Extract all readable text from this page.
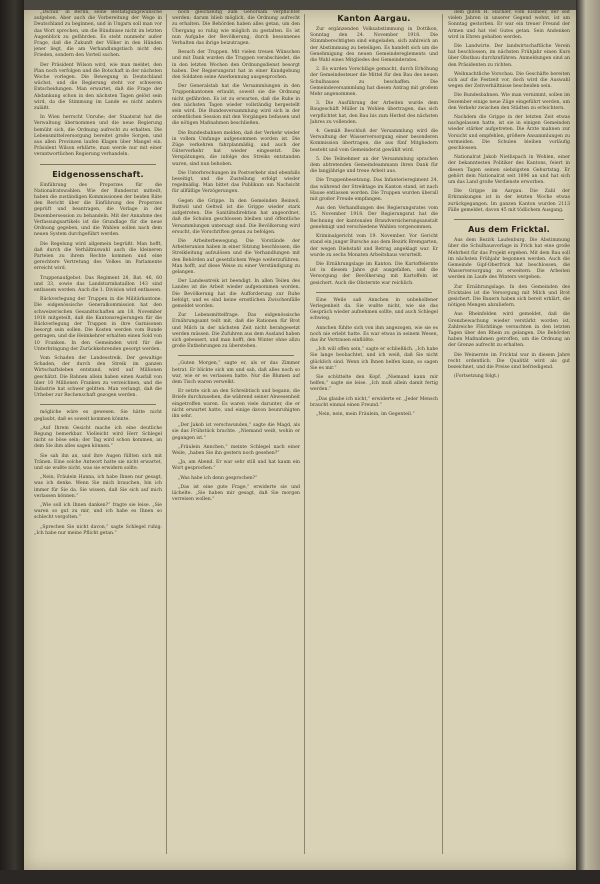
„Dschin“ in Berlin, seine Bestätigungswünsche aufgeben. Aber auch die Vorbereitung der Wege in Deutschland zu beginnen, und in Ungarn soll man vor das Wort sprechen, um die Bündnisse nicht im letzten Augenblick zu gefährden. Es steht nunmehr außer Frage, daß die Zukunft der Völker in den Händen jener liegt, die am Verhandlungstisch nicht den Frieden, sondern den Vorteil suchen.

Der Präsident Wilson wird, wie man meldet, den Plan noch verfolgen und die Botschaft in der nächsten Woche vorlegen. Die Bewegung in Deutschland wächst, und die Regierung steht vor schweren Entscheidungen. Man erwartet, daß die Frage der Abdankung schon in den nächsten Tagen gelöst sein wird, da die Stimmung im Lande es nicht anders zuläßt.

In Wien herrscht Unruhe; der Staatsrat hat die Verwaltung übernommen und die neue Regierung bemüht sich, die Ordnung aufrecht zu erhalten. Die Lebensmittelversorgung bereitet große Sorgen, und aus allen Provinzen laufen Klagen über Mangel ein. Präsident Wilson erklärte, man werde nur mit einer verantwortlichen Regierung verhandeln.

Eidgenossenschaft.

Einführung des Proporzes für die Nationalratswahlen. Wie der Bundesrat mitteilt, haben die zuständigen Kommissionen der beiden Räte den Bericht über die Einführung des Proporzes geprüft und beantragen, die Vorlage in der Dezembersession zu behandeln. Mit der Annahme des Verfassungsartikels ist die Grundlage für die neue Ordnung gegeben, und die Wahlen sollen nach dem neuen System durchgeführt werden.

Die Regelung wird allgemein begrüßt. Man hofft, daß durch die Verhältniswahl auch die kleineren Parteien zu ihrem Rechte kommen und eine gerechtere Vertretung des Volkes im Parlamente erreicht wird.

Truppenaufgebot. Das Regiment 28, Bat. 46, 60 und 33, sowie das Landsturmbataillon 143 sind entlassen worden. Auch die 1. Division wird entlassen.

Rückverlegung der Truppen in die Militärkantone. Die eidgenössische Generalkommission hat den schweizerischen Gesandtschaften am 18. November 1918 mitgeteilt, daß die Kantonsregierungen für die Rückverlegung der Truppen in ihre Garnisonen besorgt sein sollen. Die Kosten werden vom Bunde getragen, und die Heimkehrer erhalten einen Sold von 10 Franken. In den Gemeinden wird für die Unterbringung der Zurückkehrenden gesorgt werden.

Vom Schaden der Landesstreik. Der gewaltige Schaden, der durch den Streik im ganzen Wirtschaftsleben entstand, wird auf Millionen geschätzt. Die Bahnen allein haben einen Ausfall von über 10 Millionen Franken zu verzeichnen, und die Industrie hat schwer gelitten. Man verlangt, daß die Urheber zur Rechenschaft gezogen werden.

mögliche wäre es gewesen. Sie hätte nicht geglaubt, daß es soweit kommen könnte.

„Auf Ihrem Gesicht mache ich eine deutliche Regung bemerkbar. Vielleicht wird Herr Schlegel nicht so böse sein; der Tag wird schon kommen, an dem Sie ihm alles sagen können.“

Sie sah ihn an, und ihre Augen füllten sich mit Tränen. Eine solche Antwort hatte sie nicht erwartet, und sie wußte nicht, was sie erwidern sollte.

„Nein, Fräulein Hanna, ich habe Ihnen nur gesagt, was ich denke. Wenn Sie mich brauchen, bin ich immer für Sie da. Sie wissen, daß Sie sich auf mich verlassen können.“

„Wie soll ich Ihnen danken?“ fragte sie leise. „Sie waren so gut zu mir, und ich habe es Ihnen so schlecht vergolten.“

„Sprechen Sie nicht davon,“ sagte Schlegel ruhig. „Ich habe nur meine Pflicht getan.“

noch gleichzeitig zum Gehorsam verpflichtet werden; darum blieb möglich, die Ordnung aufrecht zu erhalten. Die Behörden haben alles getan, um den Übergang so ruhig wie möglich zu gestalten. Es ist nun Aufgabe der Bevölkerung, durch besonnenes Verhalten das ihrige beizutragen.

Besuch der Truppen. Mit vielen treuen Wünschen und mit Dank wurden die Truppen verabschiedet, die in den letzten Wochen den Ordnungsdienst besorgt haben. Der Regierungsrat hat in einer Kundgebung den Soldaten seine Anerkennung ausgesprochen.

Der Generalstab hat die Versammlungen in den Truppenkantonen erlaubt, soweit sie die Ordnung nicht gefährden. Es ist zu erwarten, daß die Ruhe in den nächsten Tagen wieder vollständig hergestellt sein wird. Die Bundesversammlung wird sich in der ordentlichen Session mit den Vorgängen befassen und die nötigen Maßnahmen beschließen.

Die Bundesbahnen melden, daß der Verkehr wieder in vollem Umfange aufgenommen worden ist. Die Züge verkehren fahrplanmäßig, und auch der Güterverkehr hat wieder eingesetzt. Die Verspätungen, die infolge des Streiks entstanden waren, sind nun behoben.

Die Unterbrechungen im Postverkehr sind ebenfalls beseitigt, und die Zustellung erfolgt wieder regelmäßig. Man bittet das Publikum um Nachsicht für allfällige Verzögerungen.

Gegen die Grippe. In den Gemeinden Beinwil, Buttwil und Geltwil ist die Grippe wieder stark aufgetreten. Die Sanitätsdirektion hat angeordnet, daß die Schulen geschlossen bleiben und öffentliche Versammlungen untersagt sind. Die Bevölkerung wird ersucht, die Vorschriften genau zu befolgen.

Die Arbeiterbewegung. Die Vorstände der Arbeiterunion haben in einer Sitzung beschlossen, die Streikleitung aufzulösen und die Verhandlungen mit den Behörden auf gesetzlichem Wege weiterzuführen. Man hofft, auf diese Weise zu einer Verständigung zu gelangen.

Der Landesstreik ist beendigt. In allen Teilen des Landes ist die Arbeit wieder aufgenommen worden. Die Bevölkerung hat die Aufforderung zur Ruhe befolgt, und es sind keine ernstlichen Zwischenfälle gemeldet worden.

Zur Lebensmittelfrage. Das eidgenössische Ernährungsamt teilt mit, daß die Rationen für Brot und Milch in der nächsten Zeit nicht herabgesetzt werden müssen. Die Zufuhren aus dem Ausland haben sich gebessert, und man hofft, den Winter ohne allzu große Entbehrungen zu überstehen.

„Guten Morgen,“ sagte er, als er das Zimmer betrat. Er blickte sich um und sah, daß alles noch so war, wie er es verlassen hatte. Nur die Blumen auf dem Tisch waren verwelkt.

Er setzte sich an den Schreibtisch und begann, die Briefe durchzusehen, die während seiner Abwesenheit eingetroffen waren. Es waren viele darunter, die er nicht erwartet hatte, und einige davon beunruhigten ihn sehr.

„Der Jakob ist verschwunden,“ sagte die Magd, als sie das Frühstück brachte. „Niemand weiß, wohin er gegangen ist.“

„Fräulein Annchen,“ meinte Schlegel nach einer Weile, „haben Sie ihn gestern noch gesehen?“

„Ja, am Abend. Er war sehr still und hat kaum ein Wort gesprochen.“

„Was habe ich denn gesprochen?“

„Das ist eine gute Frage,“ erwiderte sie und lächelte. „Sie haben mir gesagt, daß Sie morgen verreisen wollen.“

Kanton Aargau.

Zur ergänzenden Volksabstimmung in Dottikon, Sonntag den 24. November 1918. Die Stimmberechtigten sind eingeladen, sich zahlreich an der Abstimmung zu beteiligen. Es handelt sich um die Genehmigung des neuen Gemeindereglements und die Wahl eines Mitgliedes des Gemeinderates.

2. Es wurden Vorschläge gemacht, durch Erhöhung der Gemeindesteuer die Mittel für den Bau des neuen Schulhauses zu beschaffen. Die Gemeindeversammlung hat diesen Antrag mit großem Mehr angenommen.

3. Die Ausführung der Arbeiten wurde dem Baugeschäft Müller in Wohlen übertragen, das sich verpflichtet hat, den Bau bis zum Herbst des nächsten Jahres zu vollenden.

4. Gemäß Beschluß der Versammlung wird die Verwaltung der Wasserversorgung einer besonderen Kommission übertragen, die aus fünf Mitgliedern besteht und vom Gemeinderat gewählt wird.

5. Die Teilnehmer an der Versammlung sprachen dem abtretenden Gemeindeammann ihren Dank für die langjährige und treue Arbeit aus.

Die Truppenbesetzung. Das Infanterieregiment 24, das während der Streiktage im Kanton stand, ist nach Hause entlassen worden. Die Truppen wurden überall mit großer Freude empfangen.

Aus den Verhandlungen des Regierungsrates vom 15. November 1918. Der Regierungsrat hat die Rechnung der kantonalen Brandversicherungsanstalt genehmigt und verschiedene Wahlen vorgenommen.

Kriminalgericht vom 19. November. Vor Gericht stand ein junger Bursche aus dem Bezirk Bremgarten, der wegen Diebstahl und Betrug angeklagt war. Er wurde zu sechs Monaten Arbeitshaus verurteilt.

Die Ernährungslage im Kanton. Die Kartoffelernte ist in diesem Jahre gut ausgefallen, und die Versorgung der Bevölkerung mit Kartoffeln ist gesichert. Auch die Obsternte war reichlich.

Eine Weile saß Annchen in unbeholfener Verlegenheit da. Sie wußte nicht, wie sie das Gespräch wieder aufnehmen sollte, und auch Schlegel schwieg.

Annchen fühlte sich von ihm angezogen, wie sie es noch nie erlebt hatte. Es war etwas in seinem Wesen, das ihr Vertrauen einflößte.

„Ich will offen sein,“ sagte er schließlich. „Ich habe Sie lange beobachtet, und ich weiß, daß Sie nicht glücklich sind. Wenn ich Ihnen helfen kann, so sagen Sie es mir.“

Sie schüttelte den Kopf. „Niemand kann mir helfen,“ sagte sie leise. „Ich muß allein damit fertig werden.“

„Das glaube ich nicht,“ erwiderte er. „Jeder Mensch braucht einmal einen Freund.“

„Nein, nein, mein Fräulein, im Gegenteil.“

dem guten H. Hächler, vom Eismeer, der seit vielen Jahren in unserer Gegend wohnt, ist am Sonntag gestorben. Er war ein treuer Freund der Armen und hat viel Gutes getan. Sein Andenken wird in Ehren gehalten werden.

Die Landwirte. Der landwirtschaftliche Verein hat beschlossen, im nächsten Frühjahr einen Kurs über Obstbau durchzuführen. Anmeldungen sind an den Präsidenten zu richten.

Weihnachtliche Vorschau. Die Geschäfte bereiten sich auf die Festzeit vor, doch wird die Auswahl wegen der Zeitverhältnisse bescheiden sein.

Die Bundesbahnen. Wie man vernimmt, sollen im Dezember einige neue Züge eingeführt werden, um den Verkehr zwischen den Städten zu erleichtern.

Nachdem die Grippe in der letzten Zeit etwas nachgelassen hatte, ist sie in einigen Gemeinden wieder stärker aufgetreten. Die Ärzte mahnen zur Vorsicht und empfehlen, größere Ansammlungen zu vermeiden. Die Schulen bleiben vorläufig geschlossen.

Nationalrat Jakob Nietlispach in Wohlen, einer der bekanntesten Politiker des Kantons, feiert in diesen Tagen seinen siebzigsten Geburtstag. Er gehört dem Nationalrat seit 1896 an und hat sich um das Land große Verdienste erworben.

Die Grippe im Aargau. Die Zahl der Erkrankungen ist in der letzten Woche etwas zurückgegangen. Im ganzen Kanton wurden 2113 Fälle gemeldet, davon 45 mit tödlichem Ausgang.

Aus dem Fricktal.

Aus dem Bezirk Laufenburg. Die Abstimmung über die Schulhausvorlage in Frick hat eine große Mehrheit für das Projekt ergeben. Mit dem Bau soll im nächsten Frühjahr begonnen werden. Auch die Gemeinde Gipf-Oberfrick hat beschlossen, die Wasserversorgung zu erweitern. Die Arbeiten werden im Laufe des Winters vergeben.

Zur Ernährungslage. In den Gemeinden des Fricktales ist die Versorgung mit Milch und Brot gesichert. Die Bauern haben sich bereit erklärt, die nötigen Mengen abzuliefern.

Aus Rheinfelden wird gemeldet, daß die Grenzbewachung wieder verstärkt worden ist. Zahlreiche Flüchtlinge versuchten in den letzten Tagen über den Rhein zu gelangen. Die Behörden haben Maßnahmen getroffen, um die Ordnung an der Grenze aufrecht zu erhalten.

Die Weinernte im Fricktal war in diesem Jahre recht ordentlich. Die Qualität wird als gut bezeichnet, und die Preise sind befriedigend.

(Fortsetzung folgt.)
